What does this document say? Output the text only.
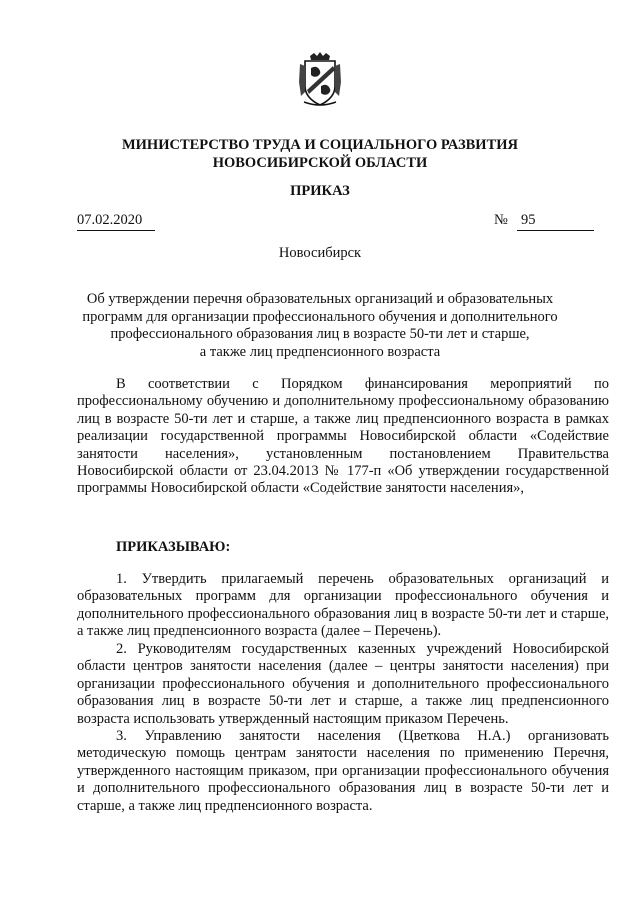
МИНИСТЕРСТВО ТРУДА И СОЦИАЛЬНОГО РАЗВИТИЯ
НОВОСИБИРСКОЙ ОБЛАСТИ
ПРИКАЗ
07.02.2020	№ 95
Новосибирск
Об утверждении перечня образовательных организаций и образовательных
программ для организации профессионального обучения и дополнительного
профессионального образования лиц в возрасте 50-ти лет и старше,
а также лиц предпенсионного возраста

В соответствии с Порядком финансирования мероприятий по профессиональному обучению и дополнительному профессиональному образованию лиц в возрасте 50-ти лет и старше, а также лиц предпенсионного возраста в рамках реализации государственной программы Новосибирской области «Содействие занятости населения», установленным постановлением Правительства Новосибирской области от 23.04.2013 № 177-п «Об утверждении государственной программы Новосибирской области «Содействие занятости населения»,

ПРИКАЗЫВАЮ:

1. Утвердить прилагаемый перечень образовательных организаций и образовательных программ для организации профессионального обучения и дополнительного профессионального образования лиц в возрасте 50-ти лет и старше, а также лиц предпенсионного возраста (далее – Перечень).

2. Руководителям государственных казенных учреждений Новосибирской области центров занятости населения (далее – центры занятости населения) при организации профессионального обучения и дополнительного профессионального образования лиц в возрасте 50-ти лет и старше, а также лиц предпенсионного возраста использовать утвержденный настоящим приказом Перечень.

3. Управлению занятости населения (Цветкова Н.А.) организовать методическую помощь центрам занятости населения по применению Перечня, утвержденного настоящим приказом, при организации профессионального обучения и дополнительного профессионального образования лиц в возрасте 50-ти лет и старше, а также лиц предпенсионного возраста.
